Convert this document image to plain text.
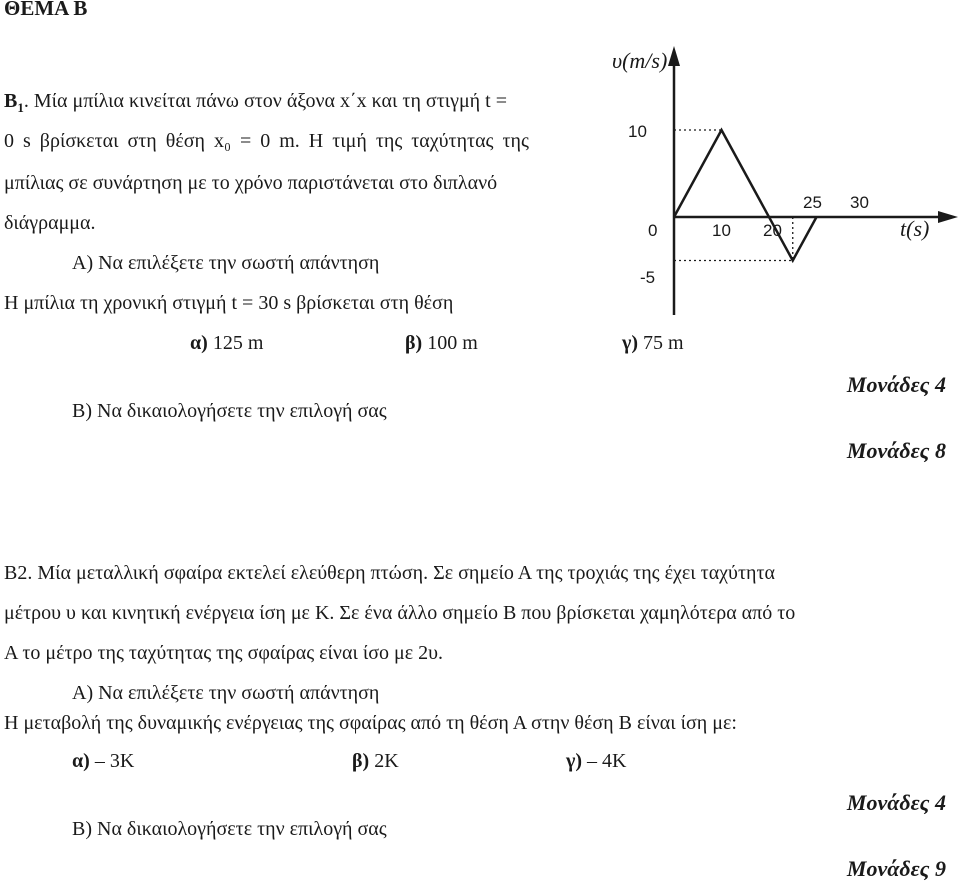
ΘΕΜΑ Β
$B_1$. Μία μπίλια κινείται πάνω στον άξονα x΄x και τη στιγμή t =
0 s βρίσκεται στη θέση x₀ = 0 m. Η τιμή της ταχύτητας της
μπίλιας σε συνάρτηση με το χρόνο παριστάνεται στο διπλανό
διάγραμμα.
Α) Να επιλέξετε την σωστή απάντηση
Η μπίλια τη χρονική στιγμή t = 30 s βρίσκεται στη θέση
α) 125 m	β) 100 m	γ) 75 m
Μονάδες 4
Β) Να δικαιολογήσετε την επιλογή σας
Μονάδες 8
υ(m/s)
t(s)
10
0
-5
10 20
25 30
Β2. Μία μεταλλική σφαίρα εκτελεί ελεύθερη πτώση. Σε σημείο Α της τροχιάς της έχει ταχύτητα
μέτρου υ και κινητική ενέργεια ίση με Κ. Σε ένα άλλο σημείο Β που βρίσκεται χαμηλότερα από το
Α το μέτρο της ταχύτητας της σφαίρας είναι ίσο με 2υ.
Α) Να επιλέξετε την σωστή απάντηση
Η μεταβολή της δυναμικής ενέργειας της σφαίρας από τη θέση Α στην θέση Β είναι ίση με:
α) – 3Κ	β) 2Κ	γ) – 4Κ
Μονάδες 4
Β) Να δικαιολογήσετε την επιλογή σας
Μονάδες 9
